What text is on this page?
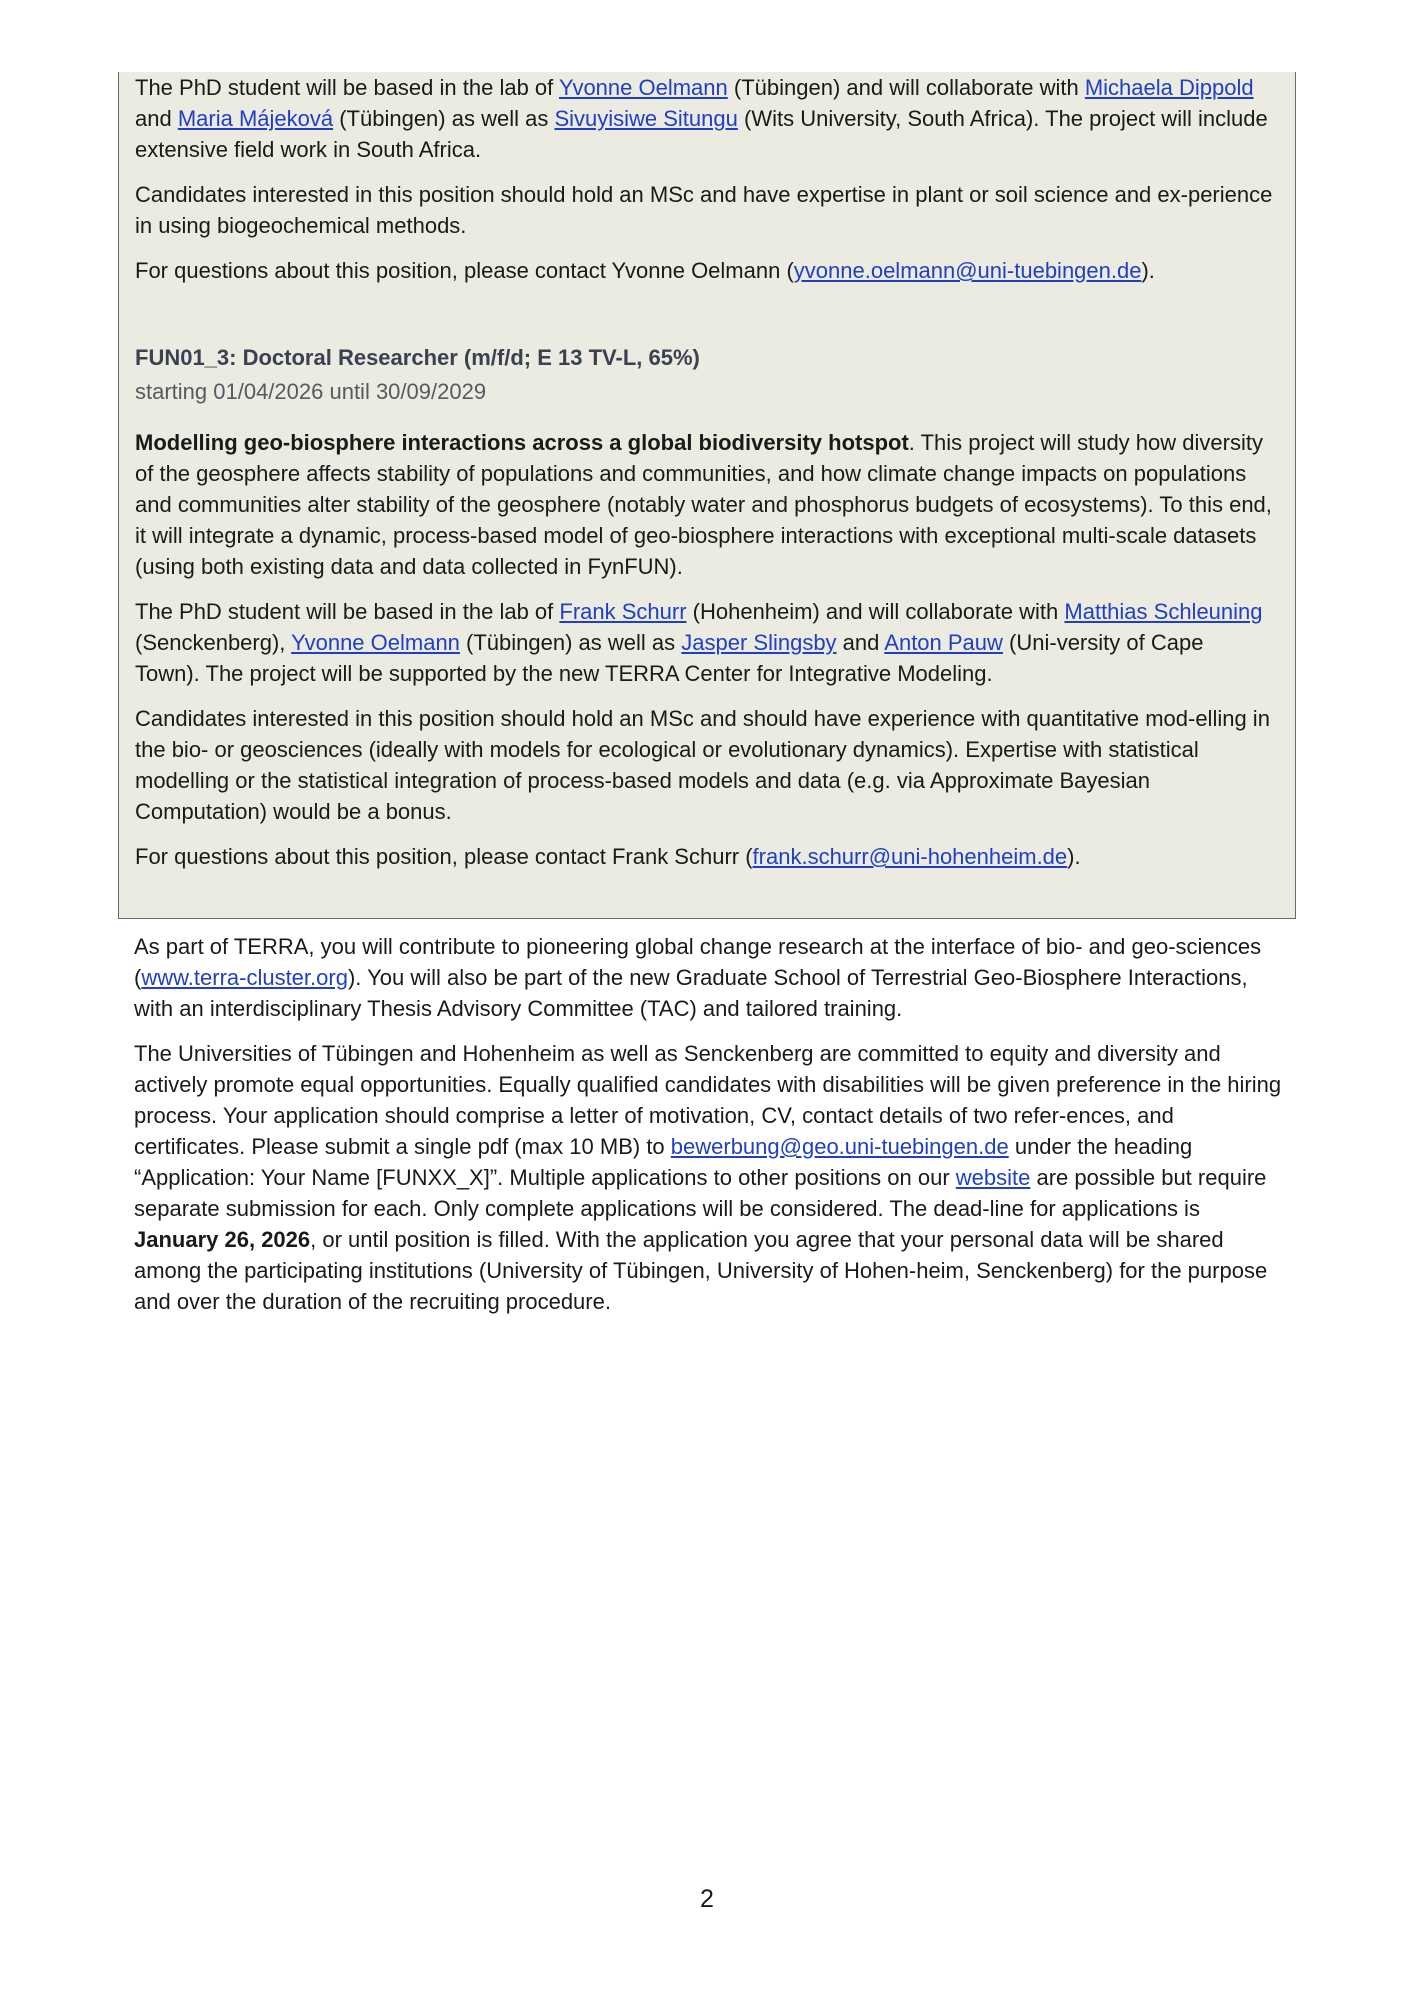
The PhD student will be based in the lab of Yvonne Oelmann (Tübingen) and will collaborate with Michaela Dippold and Maria Májeková (Tübingen) as well as Sivuyisiwe Situngu (Wits University, South Africa). The project will include extensive field work in South Africa.

Candidates interested in this position should hold an MSc and have expertise in plant or soil science and ex-perience in using biogeochemical methods.

For questions about this position, please contact Yvonne Oelmann (yvonne.oelmann@uni-tuebingen.de).

FUN01_3: Doctoral Researcher (m/f/d; E 13 TV-L, 65%)

starting 01/04/2026 until 30/09/2029

Modelling geo-biosphere interactions across a global biodiversity hotspot. This project will study how diversity of the geosphere affects stability of populations and communities, and how climate change impacts on populations and communities alter stability of the geosphere (notably water and phosphorus budgets of ecosystems). To this end, it will integrate a dynamic, process-based model of geo-biosphere interactions with exceptional multi-scale datasets (using both existing data and data collected in FynFUN).

The PhD student will be based in the lab of Frank Schurr (Hohenheim) and will collaborate with Matthias Schleuning (Senckenberg), Yvonne Oelmann (Tübingen) as well as Jasper Slingsby and Anton Pauw (Uni-versity of Cape Town). The project will be supported by the new TERRA Center for Integrative Modeling.

Candidates interested in this position should hold an MSc and should have experience with quantitative mod-elling in the bio- or geosciences (ideally with models for ecological or evolutionary dynamics). Expertise with statistical modelling or the statistical integration of process-based models and data (e.g. via Approximate Bayesian Computation) would be a bonus.

For questions about this position, please contact Frank Schurr (frank.schurr@uni-hohenheim.de).

As part of TERRA, you will contribute to pioneering global change research at the interface of bio- and geo-sciences (www.terra-cluster.org). You will also be part of the new Graduate School of Terrestrial Geo-Biosphere Interactions, with an interdisciplinary Thesis Advisory Committee (TAC) and tailored training.

The Universities of Tübingen and Hohenheim as well as Senckenberg are committed to equity and diversity and actively promote equal opportunities. Equally qualified candidates with disabilities will be given preference in the hiring process. Your application should comprise a letter of motivation, CV, contact details of two refer-ences, and certificates. Please submit a single pdf (max 10 MB) to bewerbung@geo.uni-tuebingen.de under the heading “Application: Your Name [FUNXX_X]”. Multiple applications to other positions on our website are possible but require separate submission for each. Only complete applications will be considered. The dead-line for applications is January 26, 2026, or until position is filled. With the application you agree that your personal data will be shared among the participating institutions (University of Tübingen, University of Hohen-heim, Senckenberg) for the purpose and over the duration of the recruiting procedure.

2
